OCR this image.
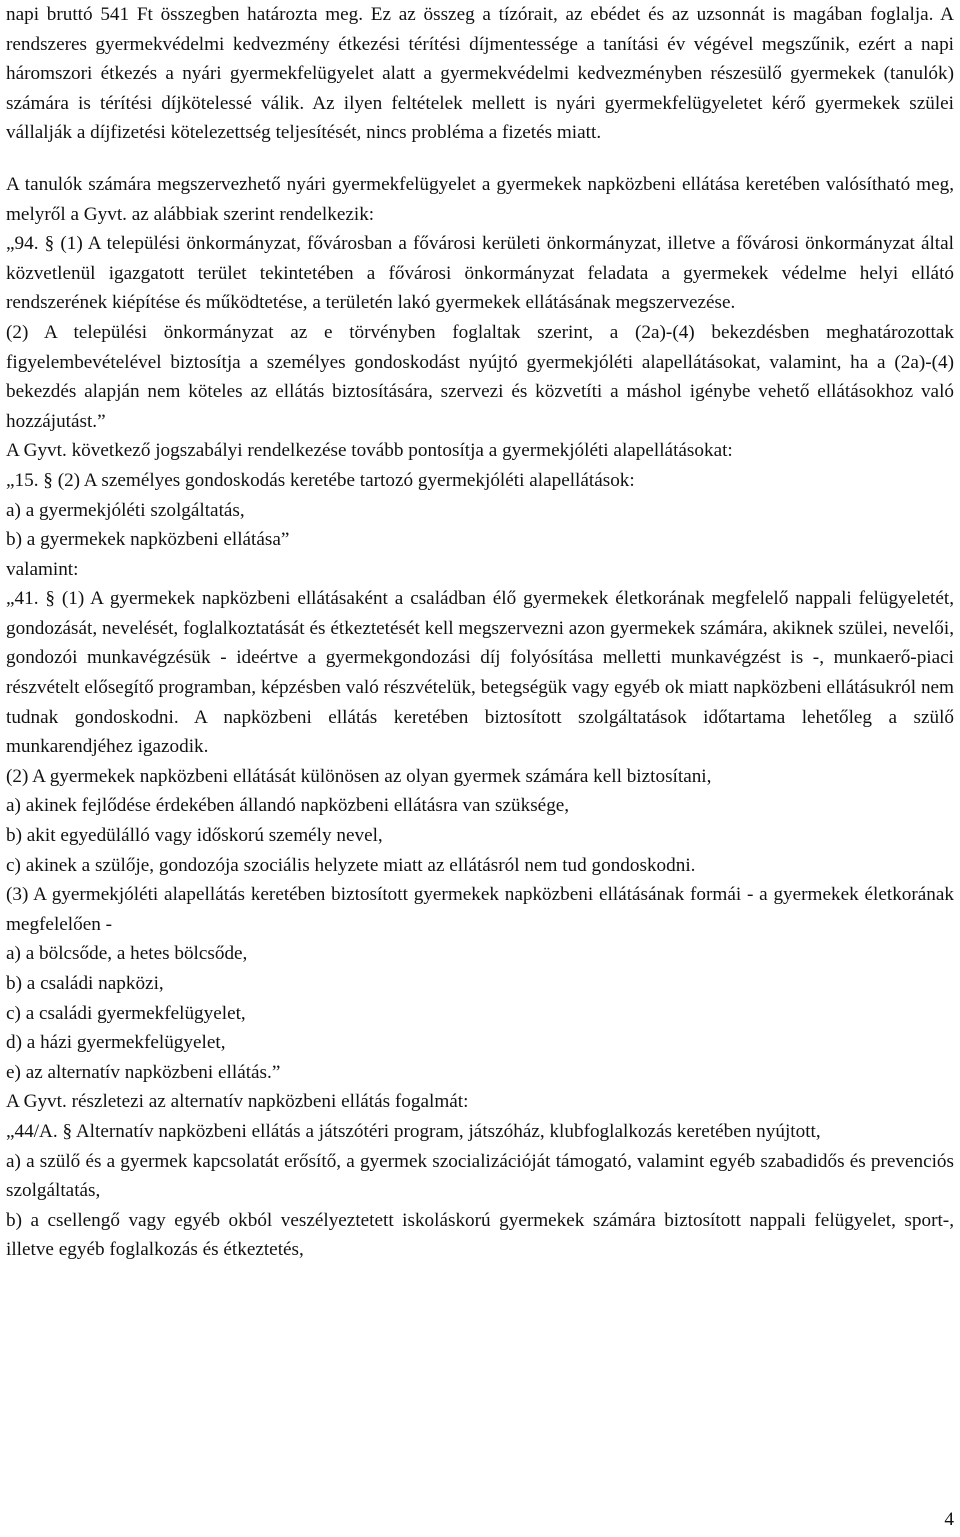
napi bruttó 541 Ft összegben határozta meg. Ez az összeg a tízórait, az ebédet és az uzsonnát is magában foglalja. A rendszeres gyermekvédelmi kedvezmény étkezési térítési díjmentessége a tanítási év végével megszűnik, ezért a napi háromszori étkezés a nyári gyermekfelügyelet alatt a gyermekvédelmi kedvezményben részesülő gyermekek (tanulók) számára is térítési díjkötelessé válik. Az ilyen feltételek mellett is nyári gyermekfelügyeletet kérő gyermekek szülei vállalják a díjfizetési kötelezettség teljesítését, nincs probléma a fizetés miatt.

A tanulók számára megszervezhető nyári gyermekfelügyelet a gyermekek napközbeni ellátása keretében valósítható meg, melyről a Gyvt. az alábbiak szerint rendelkezik:

„94. § (1) A települési önkormányzat, fővárosban a fővárosi kerületi önkormányzat, illetve a fővárosi önkormányzat által közvetlenül igazgatott terület tekintetében a fővárosi önkormányzat feladata a gyermekek védelme helyi ellátó rendszerének kiépítése és működtetése, a területén lakó gyermekek ellátásának megszervezése.

(2) A települési önkormányzat az e törvényben foglaltak szerint, a (2a)-(4) bekezdésben meghatározottak figyelembevételével biztosítja a személyes gondoskodást nyújtó gyermekjóléti alapellátásokat, valamint, ha a (2a)-(4) bekezdés alapján nem köteles az ellátás biztosítására, szervezi és közvetíti a máshol igénybe vehető ellátásokhoz való hozzájutást.”

A Gyvt. következő jogszabályi rendelkezése tovább pontosítja a gyermekjóléti alapellátásokat:

„15. § (2) A személyes gondoskodás keretébe tartozó gyermekjóléti alapellátások:

a) a gyermekjóléti szolgáltatás,

b) a gyermekek napközbeni ellátása”

valamint:

„41. § (1) A gyermekek napközbeni ellátásaként a családban élő gyermekek életkorának megfelelő nappali felügyeletét, gondozását, nevelését, foglalkoztatását és étkeztetését kell megszervezni azon gyermekek számára, akiknek szülei, nevelői, gondozói munkavégzésük - ideértve a gyermekgondozási díj folyósítása melletti munkavégzést is -, munkaerő-piaci részvételt elősegítő programban, képzésben való részvételük, betegségük vagy egyéb ok miatt napközbeni ellátásukról nem tudnak gondoskodni. A napközbeni ellátás keretében biztosított szolgáltatások időtartama lehetőleg a szülő munkarendjéhez igazodik.

(2) A gyermekek napközbeni ellátását különösen az olyan gyermek számára kell biztosítani,

a) akinek fejlődése érdekében állandó napközbeni ellátásra van szüksége,

b) akit egyedülálló vagy időskorú személy nevel,

c) akinek a szülője, gondozója szociális helyzete miatt az ellátásról nem tud gondoskodni.

(3) A gyermekjóléti alapellátás keretében biztosított gyermekek napközbeni ellátásának formái - a gyermekek életkorának megfelelően -

a) a bölcsőde, a hetes bölcsőde,

b) a családi napközi,

c) a családi gyermekfelügyelet,

d) a házi gyermekfelügyelet,

e) az alternatív napközbeni ellátás.”

A Gyvt. részletezi az alternatív napközbeni ellátás fogalmát:

„44/A. § Alternatív napközbeni ellátás a játszótéri program, játszóház, klubfoglalkozás keretében nyújtott,

a) a szülő és a gyermek kapcsolatát erősítő, a gyermek szocializációját támogató, valamint egyéb szabadidős és prevenciós szolgáltatás,

b) a csellengő vagy egyéb okból veszélyeztetett iskoláskorú gyermekek számára biztosított nappali felügyelet, sport-, illetve egyéb foglalkozás és étkeztetés,

4
